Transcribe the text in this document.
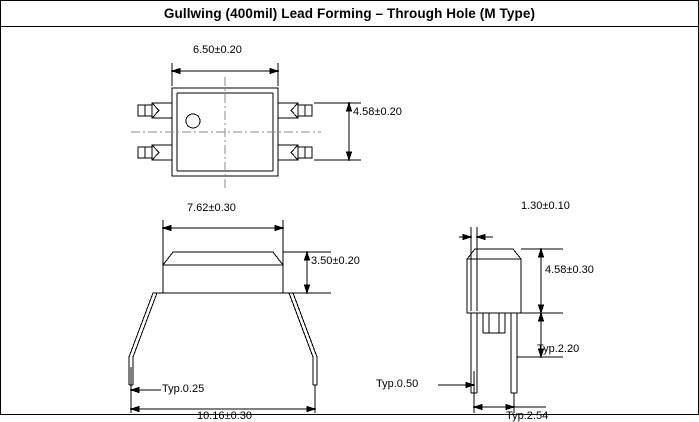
Gullwing (400mil) Lead Forming – Through Hole (M Type)
6.50±0.20
4.58±0.20
7.62±0.30
3.50±0.20
Typ.0.25
10.16±0.30
1.30±0.10
4.58±0.30
Typ.2.20
Typ.0.50
Typ.2.54
